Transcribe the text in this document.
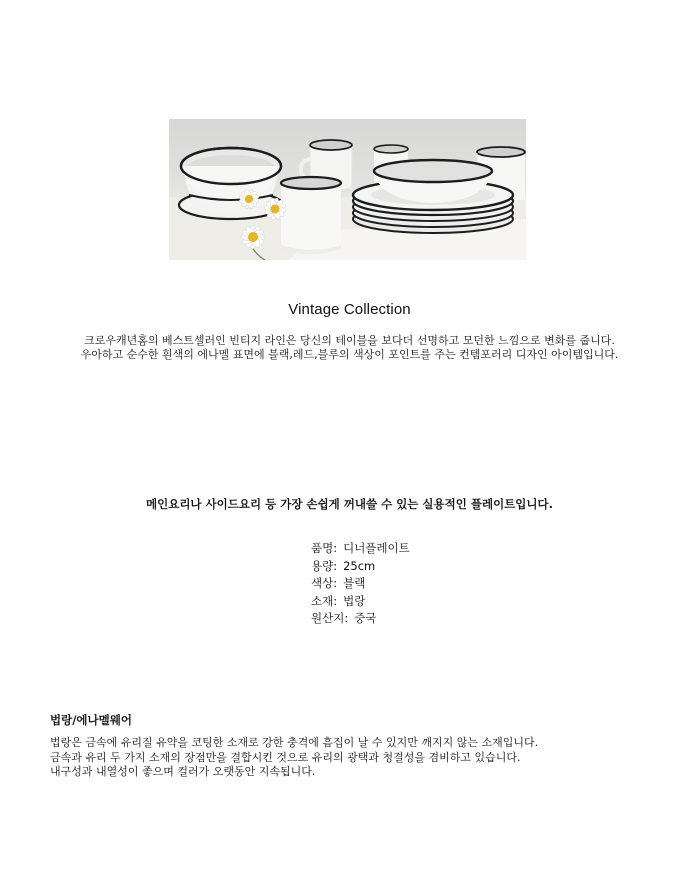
Vintage Collection
크로우캐년홈의 베스트셀러인 빈티지 라인은 당신의 테이블을 보다더 선명하고 모던한 느낌으로 변화를 줍니다.
우아하고 순수한 흰색의 에나멜 표면에 블랙,레드,블루의 색상이 포인트를 주는 컨템포러리 디자인 아이템입니다.
메인요리나 사이드요리 등 가장 손쉽게 꺼내쓸 수 있는 실용적인 플레이트입니다.
품명 : 디너플레이트
용량 : 25cm
색상 : 블랙
소재 : 법랑
원산지 : 중국
법랑/에나멜웨어
법랑은 금속에 유리질 유약을 코팅한 소재로 강한 충격에 흠집이 날 수 있지만 깨지지 않는 소재입니다.
금속과 유리 두 가지 소재의 장점만을 결합시킨 것으로 유리의 광택과 청결성을 겸비하고 있습니다.
내구성과 내열성이 좋으며 컬러가 오랫동안 지속됩니다.
